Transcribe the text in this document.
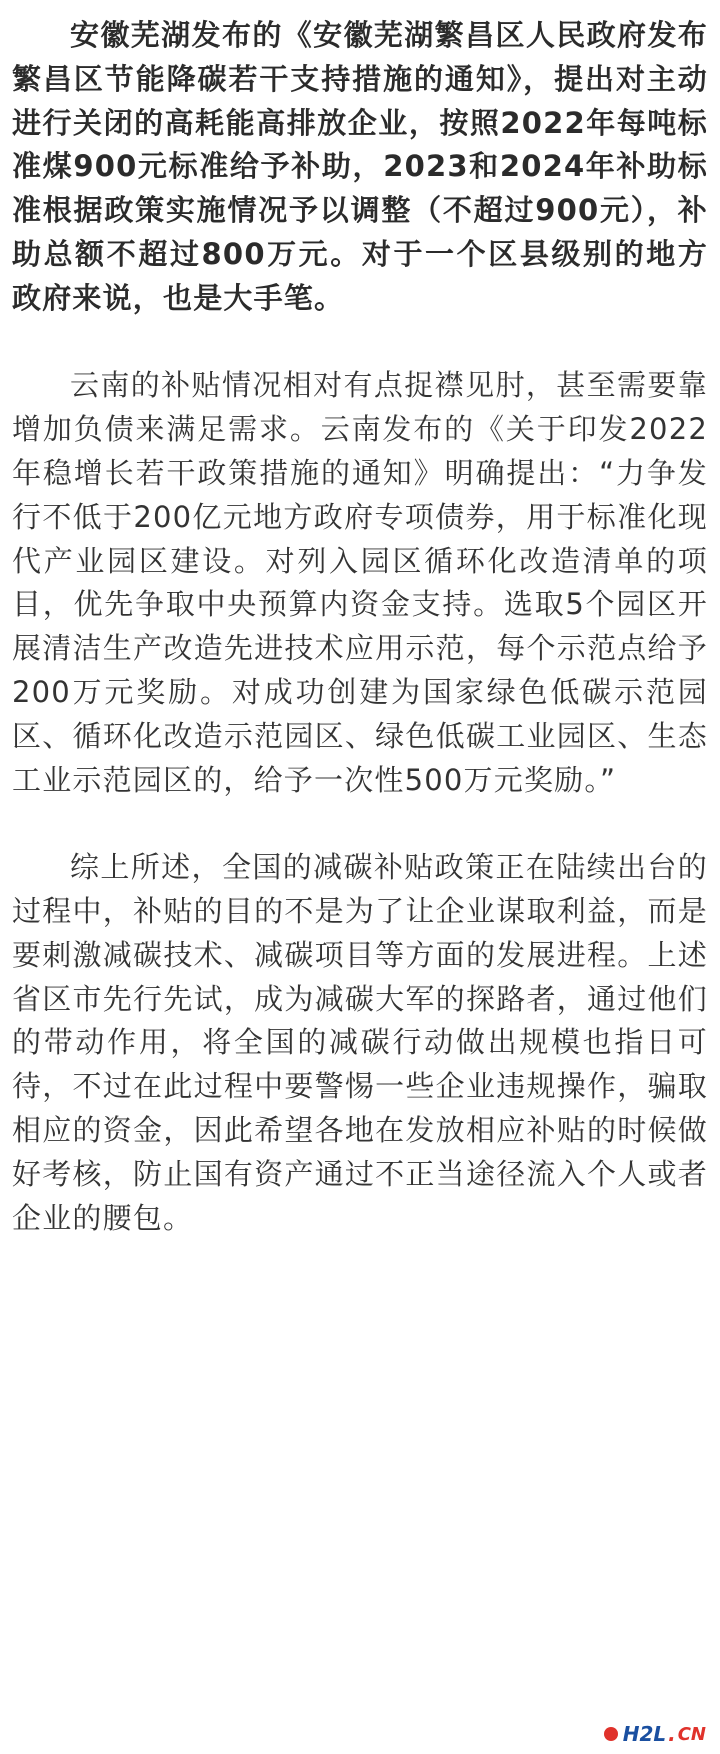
安徽芜湖发布的《安徽芜湖繁昌区人民政府发布繁昌区节能降碳若干支持措施的通知》，提出对主动进行关闭的高耗能高排放企业，按照2022年每吨标准煤900元标准给予补助，2023和2024年补助标准根据政策实施情况予以调整（不超过900元），补助总额不超过800万元。对于一个区县级别的地方政府来说，也是大手笔。

云南的补贴情况相对有点捉襟见肘，甚至需要靠增加负债来满足需求。云南发布的《关于印发2022年稳增长若干政策措施的通知》明确提出：“力争发行不低于200亿元地方政府专项债券，用于标准化现代产业园区建设。对列入园区循环化改造清单的项目，优先争取中央预算内资金支持。选取5个园区开展清洁生产改造先进技术应用示范，每个示范点给予200万元奖励。对成功创建为国家绿色低碳示范园区、循环化改造示范园区、绿色低碳工业园区、生态工业示范园区的，给予一次性500万元奖励。”

综上所述，全国的减碳补贴政策正在陆续出台的过程中，补贴的目的不是为了让企业谋取利益，而是要刺激减碳技术、减碳项目等方面的发展进程。上述省区市先行先试，成为减碳大军的探路者，通过他们的带动作用，将全国的减碳行动做出规模也指日可待，不过在此过程中要警惕一些企业违规操作，骗取相应的资金，因此希望各地在发放相应补贴的时候做好考核，防止国有资产通过不正当途径流入个人或者企业的腰包。

H2L . CN
